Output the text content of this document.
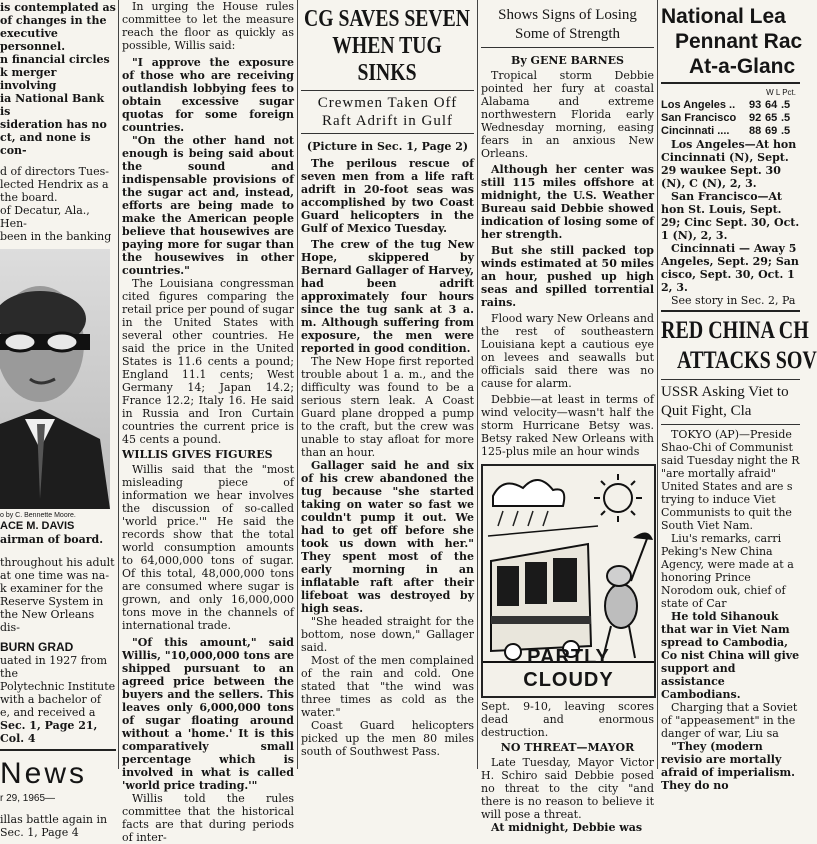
is contemplated as
of changes in the
executive personnel.
n financial circles
k merger involving
ia National Bank is
sideration has no
ct, and none is con-
d of directors Tues-
lected Hendrix as a
the board.
of Decatur, Ala., Hen-
been in the banking
o by C. Bennette Moore.
ACE M. DAVIS
airman of board.
throughout his adult
at one time was na-
k examiner for the
Reserve System in
the New Orleans dis-
BURN GRAD
uated in 1927 from the
Polytechnic Institute
with a bachelor of
e, and received a
Sec. 1, Page 21, Col. 4
News
r 29, 1965—
illas battle again in
Sec. 1, Page 4

In urging the House rules committee to let the measure reach the floor as quickly as possible, Willis said:

"I approve the exposure of those who are receiving outlandish lobbying fees to obtain excessive sugar quotas for some foreign countries.

"On the other hand not enough is being said about the sound and indispensable provisions of the sugar act and, instead, efforts are being made to make the American people believe that housewives are paying more for sugar than the housewives in other countries."

The Louisiana congressman cited figures comparing the retail price per pound of sugar in the United States with several other countries. He said the price in the United States is 11.6 cents a pound; England 11.1 cents; West Germany 14; Japan 14.2; France 12.2; Italy 16. He said in Russia and Iron Curtain countries the current price is 45 cents a pound.

WILLIS GIVES FIGURES

Willis said that the "most misleading piece of information we hear involves the discussion of so-called 'world price.'" He said the records show that the total world consumption amounts to 64,000,000 tons of sugar. Of this total, 48,000,000 tons are consumed where sugar is grown, and only 16,000,000 tons move in the channels of international trade.

"Of this amount," said Willis, "10,000,000 tons are shipped pursuant to an agreed price between the buyers and the sellers. This leaves only 6,000,000 tons of sugar floating around without a 'home.' It is this comparatively small percentage which is involved in what is called 'world price trading.'"

Willis told the rules committee that the historical facts are that during periods of inter-

CG SAVES SEVEN WHEN TUG SINKS
Crewmen Taken Off Raft Adrift in Gulf
(Picture in Sec. 1, Page 2)

The perilous rescue of seven men from a life raft adrift in 20-foot seas was accomplished by two Coast Guard helicopters in the Gulf of Mexico Tuesday.

The crew of the tug New Hope, skippered by Bernard Gallager of Harvey, had been adrift approximately four hours since the tug sank at 3 a. m. Although suffering from exposure, the men were reported in good condition.

The New Hope first reported trouble about 1 a. m., and the difficulty was found to be a serious stern leak. A Coast Guard plane dropped a pump to the craft, but the crew was unable to stay afloat for more than an hour.

Gallager said he and six of his crew abandoned the tug because "she started taking on water so fast we couldn't pump it out. We had to get off before she took us down with her." They spent most of the early morning in an inflatable raft after their lifeboat was destroyed by high seas.

"She headed straight for the bottom, nose down," Gallager said.

Most of the men complained of the rain and cold. One stated that "the wind was three times as cold as the water."

Coast Guard helicopters picked up the men 80 miles south of Southwest Pass.

Shows Signs of Losing Some of Strength
By GENE BARNES

Tropical storm Debbie pointed her fury at coastal Alabama and extreme northwestern Florida early Wednesday morning, easing fears in an anxious New Orleans.

Although her center was still 115 miles offshore at midnight, the U.S. Weather Bureau said Debbie showed indication of losing some of her strength.

But she still packed top winds estimated at 50 miles an hour, pushed up high seas and spilled torrential rains.

Flood wary New Orleans and the rest of southeastern Louisiana kept a cautious eye on levees and seawalls but officials said there was no cause for alarm.

Debbie—at least in terms of wind velocity—wasn't half the storm Hurricane Betsy was. Betsy raked New Orleans with 125-plus mile an hour winds

PARTLY CLOUDY

Sept. 9-10, leaving scores dead and enormous destruction.

NO THREAT—MAYOR

Late Tuesday, Mayor Victor H. Schiro said Debbie posed no threat to the city "and there is no reason to believe it will pose a threat.

At midnight, Debbie was

National Lea
Pennant Rac
At-a-Glanc
W L Pct.
Los Angeles ..	93 64 .5
San Francisco	92 65 .5
Cincinnati ....	88 69 .5

Los Angeles—At hon Cincinnati (N), Sept. 29 waukee Sept. 30 (N), C (N), 2, 3.

San Francisco—At hon St. Louis, Sept. 29; Cinc Sept. 30, Oct. 1 (N), 2, 3.

Cincinnati — Away 5 Angeles, Sept. 29; San cisco, Sept. 30, Oct. 1 2, 3.

See story in Sec. 2, Pa

RED CHINA CH
ATTACKS SOV
USSR Asking Viet to Quit Fight, Cla

TOKYO (AP)—Preside Shao-Chi of Communist said Tuesday night the R "are mortally afraid" United States and are s trying to induce Viet Communists to quit the South Viet Nam.

Liu's remarks, carri Peking's New China Agency, were made at a honoring Prince Norodom ouk, chief of state of Car

He told Sihanouk that war in Viet Nam spread to Cambodia, Co nist China will give support and assistance Cambodians.

Charging that a Soviet of "appeasement" in the danger of war, Liu sa

"They (modern revisio are mortally afraid of imperialism. They do no
